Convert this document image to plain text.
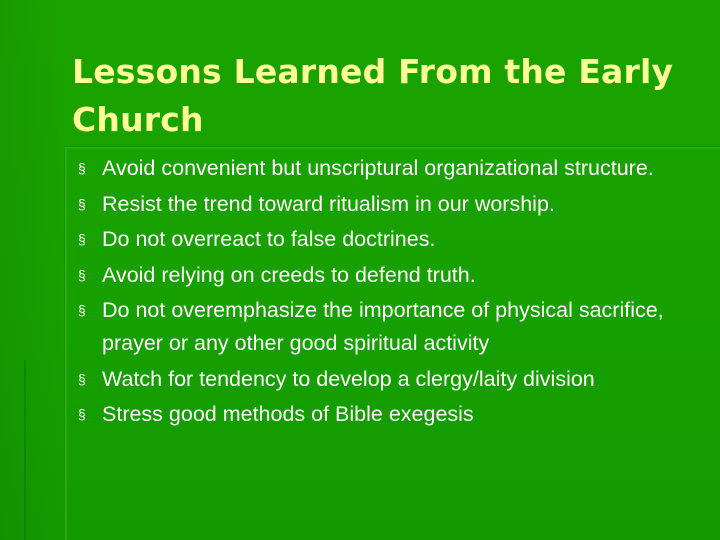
Lessons Learned From the Early Church
§ Avoid convenient but unscriptural organizational structure.
§ Resist the trend toward ritualism in our worship.
§ Do not overreact to false doctrines.
§ Avoid relying on creeds to defend truth.
§ Do not overemphasize the importance of physical sacrifice, prayer or any other good spiritual activity
§ Watch for tendency to develop a clergy/laity division
§ Stress good methods of Bible exegesis
